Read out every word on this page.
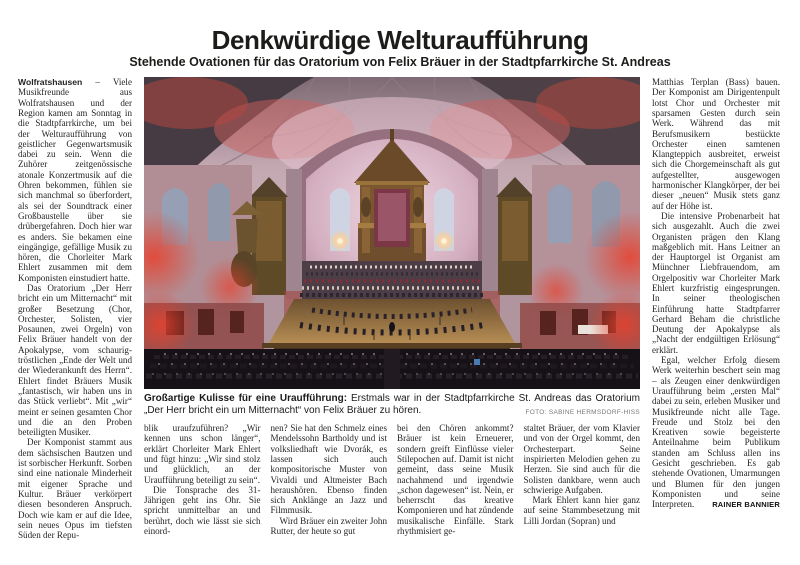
Denkwürdige Welturaufführung
Stehende Ovationen für das Oratorium von Felix Bräuer in der Stadtpfarrkirche St. Andreas

Wolfratshausen – Viele Musikfreunde aus Wolfratshausen und der Region kamen am Sonntag in die Stadtpfarrkirche, um bei der Welturaufführung von geistlicher Gegenwartsmusik dabei zu sein. Wenn die Zuhörer zeitgenössische atonale Konzertmusik auf die Ohren bekommen, fühlen sie sich manchmal so überfordert, als sei der Soundtrack einer Großbaustelle über sie drübergefahren. Doch hier war es anders. Sie bekamen eine eingängige, gefällige Musik zu hören, die Chorleiter Mark Ehlert zusammen mit dem Komponisten einstudiert hatte.

Das Oratorium „Der Herr bricht ein um Mitternacht“ mit großer Besetzung (Chor, Orchester, Solisten, vier Posaunen, zwei Orgeln) von Felix Bräuer handelt von der Apokalypse, vom schaurig-tröstlichen „Ende der Welt und der Wiederankunft des Herrn“. Ehlert findet Bräuers Musik „fantastisch, wir haben uns in das Stück verliebt“. Mit „wir“ meint er seinen gesamten Chor und die an den Proben beteiligten Musiker.

Der Komponist stammt aus dem sächsischen Bautzen und ist sorbischer Herkunft. Sorben sind eine nationale Minderheit mit eigener Sprache und Kultur. Bräuer verkörpert diesen besonderen Anspruch. Doch wie kam er auf die Idee, sein neues Opus im tiefsten Süden der Repu-

Großartige Kulisse für eine Uraufführung: Erstmals war in der Stadtpfarrkirche St. Andreas das Oratorium „Der Herr bricht ein um Mitternacht“ von Felix Bräuer zu hören.	FOTO: SABINE HERMSDORF-HISS

blik uraufzuführen? „Wir kennen uns schon länger“, erklärt Chorleiter Mark Ehlert und fügt hinzu: „Wir sind stolz und glücklich, an der Uraufführung beteiligt zu sein“.

Die Tonsprache des 31-Jährigen geht ins Ohr. Sie spricht unmittelbar an und berührt, doch wie lässt sie sich einord-

nen? Sie hat den Schmelz eines Mendelssohn Bartholdy und ist volksliedhaft wie Dvorák, es lassen sich auch kompositorische Muster von Vivaldi und Altmeister Bach heraushören. Ebenso finden sich Anklänge an Jazz und Filmmusik.

Wird Bräuer ein zweiter John Rutter, der heute so gut

bei den Chören ankommt? Bräuer ist kein Erneuerer, sondern greift Einflüsse vieler Stilepochen auf. Damit ist nicht gemeint, dass seine Musik nachahmend und irgendwie „schon dagewesen“ ist. Nein, er beherrscht das kreative Komponieren und hat zündende musikalische Einfälle. Stark rhythmisiert ge-

staltet Bräuer, der vom Klavier und von der Orgel kommt, den Orchesterpart. Seine inspirierten Melodien gehen zu Herzen. Sie sind auch für die Solisten dankbare, wenn auch schwierige Aufgaben.

Mark Ehlert kann hier ganz auf seine Stammbesetzung mit Lilli Jordan (Sopran) und

Matthias Terplan (Bass) bauen. Der Komponist am Dirigentenpult lotst Chor und Orchester mit sparsamen Gesten durch sein Werk. Während das mit Berufsmusikern bestückte Orchester einen samtenen Klangteppich ausbreitet, erweist sich die Chorgemeinschaft als gut aufgestellter, ausgewogen harmonischer Klangkörper, der bei dieser „neuen“ Musik stets ganz auf der Höhe ist.

Die intensive Probenarbeit hat sich ausgezahlt. Auch die zwei Organisten prägen den Klang maßgeblich mit. Hans Leitner an der Hauptorgel ist Organist am Münchner Liebfrauendom, am Orgelpositiv war Chorleiter Mark Ehlert kurzfristig eingesprungen. In seiner theologischen Einführung hatte Stadtpfarrer Gerhard Beham die christliche Deutung der Apokalypse als „Nacht der endgültigen Erlösung“ erklärt.

Egal, welcher Erfolg diesem Werk weiterhin beschert sein mag – als Zeugen einer denkwürdigen Uraufführung beim „ersten Mal“ dabei zu sein, erleben Musiker und Musikfreunde nicht alle Tage. Freude und Stolz bei den Kreativen sowie begeisterte Anteilnahme beim Publikum standen am Schluss allen ins Gesicht geschrieben. Es gab stehende Ovationen, Umarmungen und Blumen für den jungen Komponisten und seine Interpreten.	RAINER BANNIER
